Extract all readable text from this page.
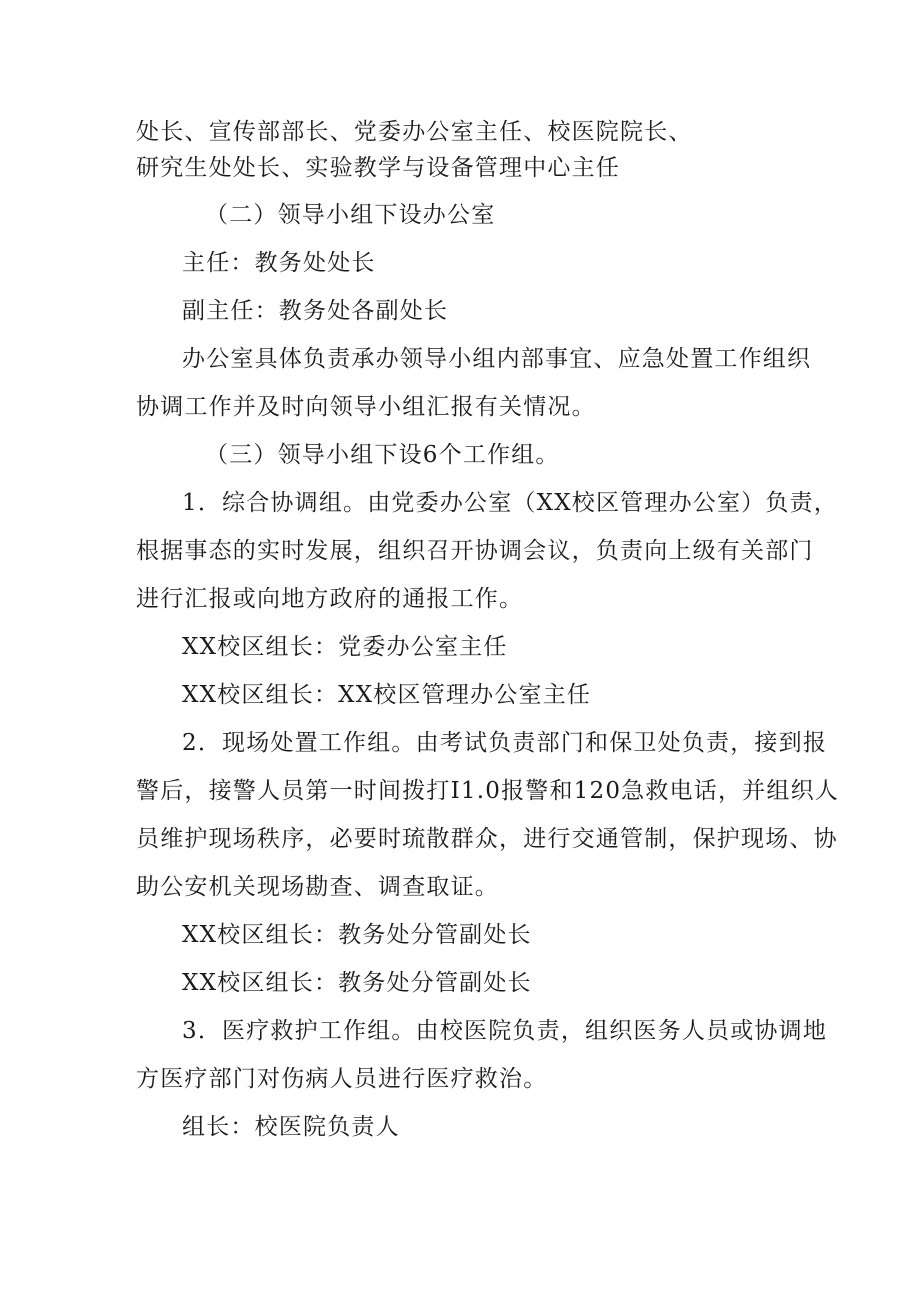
处长、宣传部部长、党委办公室主任、校医院院长、
研究生处处长、实验教学与设备管理中心主任
（二）领导小组下设办公室
主任：教务处处长
副主任：教务处各副处长
办公室具体负责承办领导小组内部事宜、应急处置工作组织
协调工作并及时向领导小组汇报有关情况。
（三）领导小组下设6个工作组。
1．综合协调组。由党委办公室（XX校区管理办公室）负责，
根据事态的实时发展，组织召开协调会议，负责向上级有关部门
进行汇报或向地方政府的通报工作。
XX校区组长：党委办公室主任
XX校区组长：XX校区管理办公室主任
2．现场处置工作组。由考试负责部门和保卫处负责，接到报
警后，接警人员第一时间拨打I1.0报警和120急救电话，并组织人
员维护现场秩序，必要时琉散群众，进行交通管制，保护现场、协
助公安机关现场勘查、调查取证。
XX校区组长：教务处分管副处长
XX校区组长：教务处分管副处长
3．医疗救护工作组。由校医院负责，组织医务人员或协调地
方医疗部门对伤病人员进行医疗救治。
组长：校医院负责人
